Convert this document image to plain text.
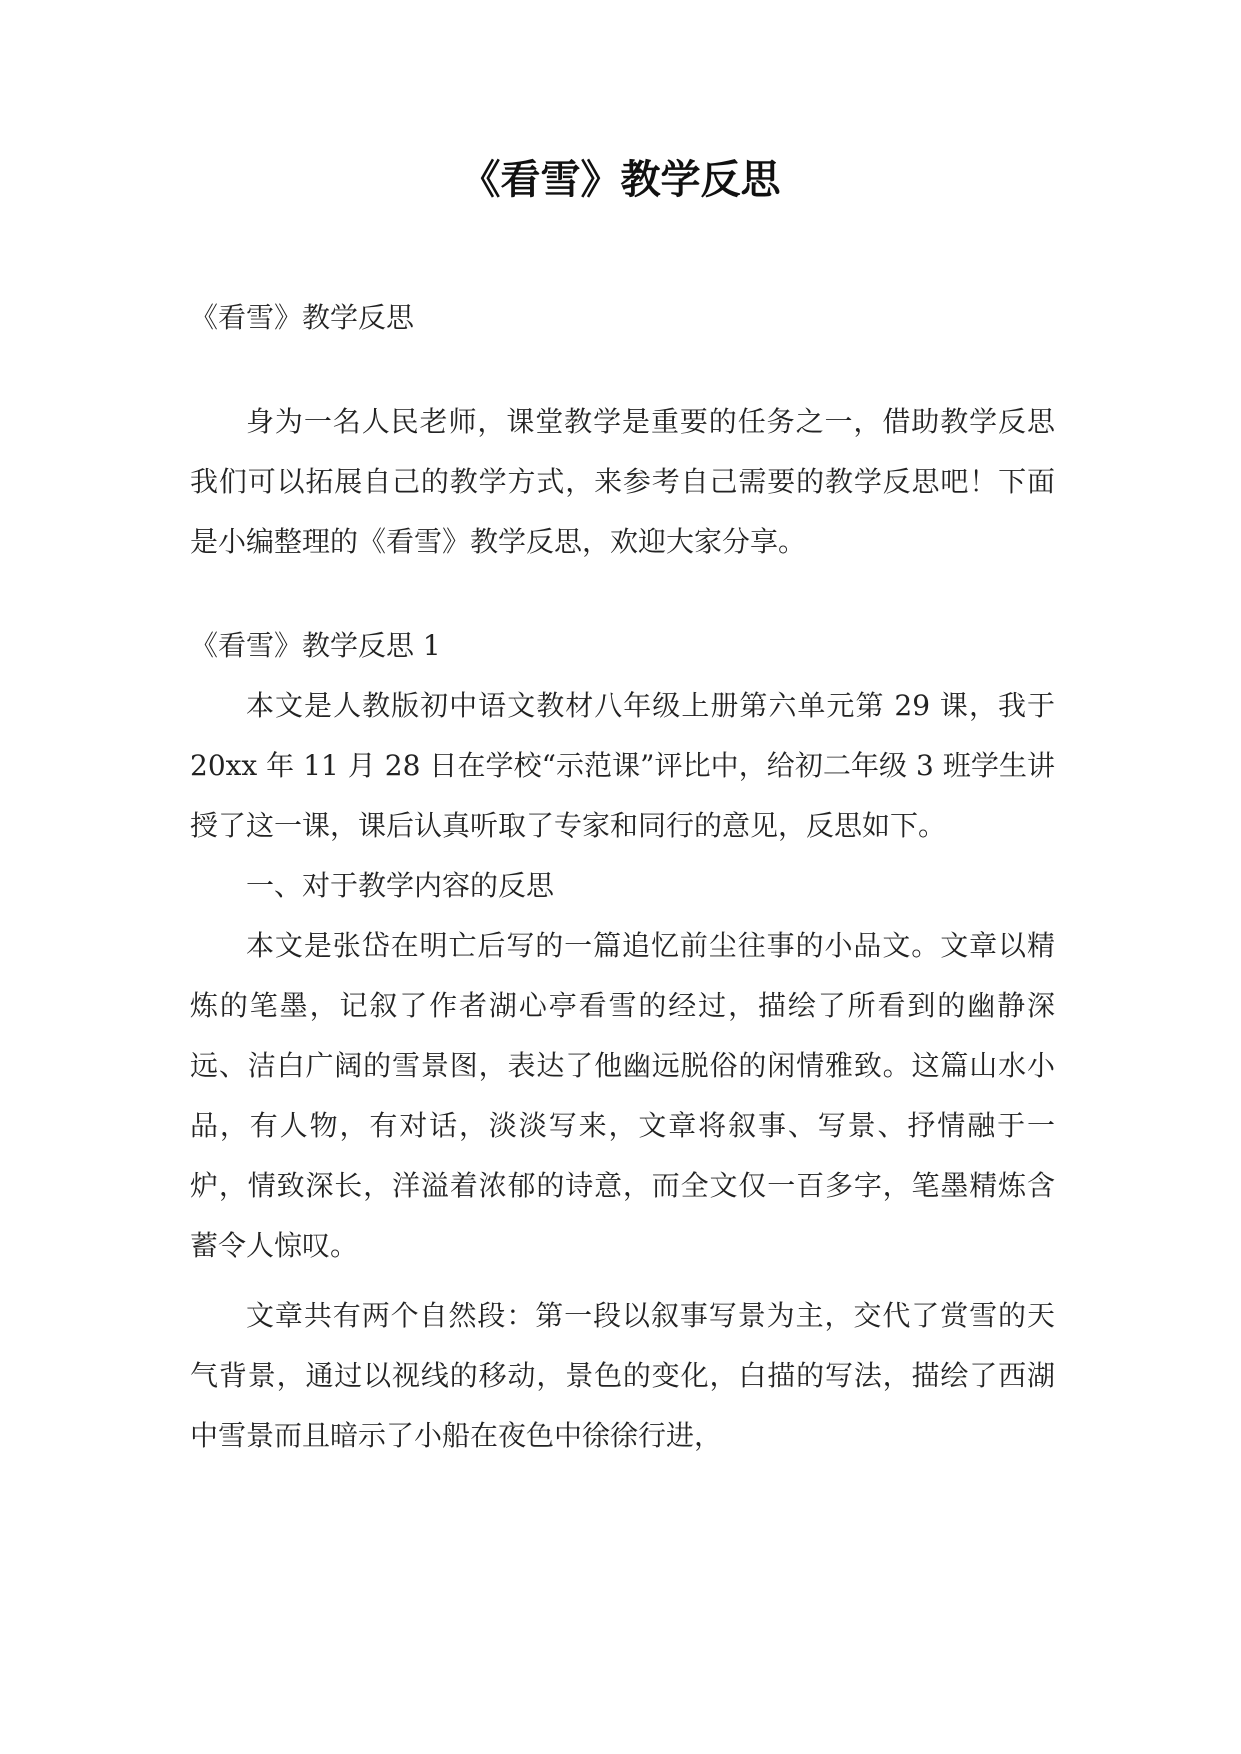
《看雪》教学反思

《看雪》教学反思

身为一名人民老师，课堂教学是重要的任务之一，借助教学反思我们可以拓展自己的教学方式，来参考自己需要的教学反思吧！下面是小编整理的《看雪》教学反思，欢迎大家分享。

《看雪》教学反思 1

本文是人教版初中语文教材八年级上册第六单元第 29 课，我于 20xx 年 11 月 28 日在学校“示范课”评比中，给初二年级 3 班学生讲授了这一课，课后认真听取了专家和同行的意见，反思如下。

一、对于教学内容的反思

本文是张岱在明亡后写的一篇追忆前尘往事的小品文。文章以精炼的笔墨，记叙了作者湖心亭看雪的经过，描绘了所看到的幽静深远、洁白广阔的雪景图，表达了他幽远脱俗的闲情雅致。这篇山水小品，有人物，有对话，淡淡写来，文章将叙事、写景、抒情融于一炉，情致深长，洋溢着浓郁的诗意，而全文仅一百多字，笔墨精炼含蓄令人惊叹。

文章共有两个自然段：第一段以叙事写景为主，交代了赏雪的天气背景，通过以视线的移动，景色的变化，白描的写法，描绘了西湖中雪景而且暗示了小船在夜色中徐徐行进，
